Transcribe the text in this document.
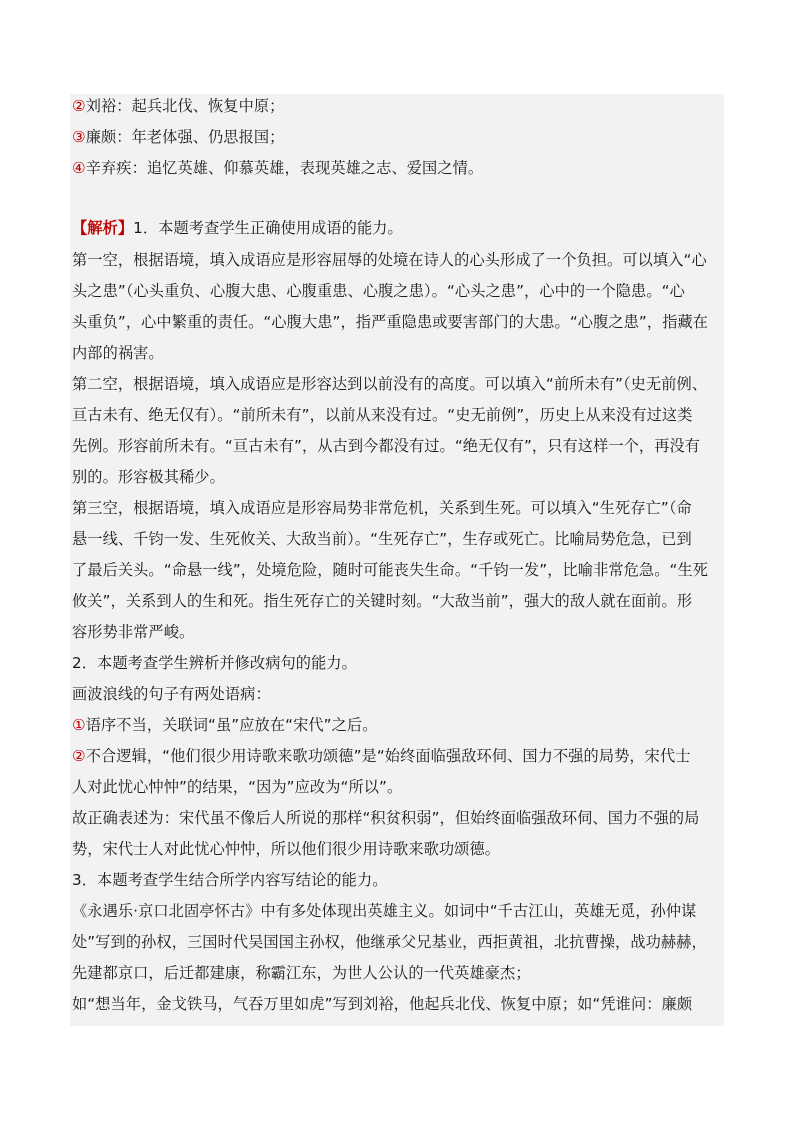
②刘裕：起兵北伐、恢复中原；
③廉颇：年老体强、仍思报国；
④辛弃疾：追忆英雄、仰慕英雄，表现英雄之志、爱国之情。
【解析】1．本题考查学生正确使用成语的能力。
第一空，根据语境，填入成语应是形容屈辱的处境在诗人的心头形成了一个负担。可以填入“心
头之患”（心头重负、心腹大患、心腹重患、心腹之患）。“心头之患”，心中的一个隐患。“心
头重负”，心中繁重的责任。“心腹大患”，指严重隐患或要害部门的大患。“心腹之患”，指藏在
内部的祸害。
第二空，根据语境，填入成语应是形容达到以前没有的高度。可以填入“前所未有”（史无前例、
亘古未有、绝无仅有）。“前所未有”，以前从来没有过。“史无前例”，历史上从来没有过这类
先例。形容前所未有。“亘古未有”，从古到今都没有过。“绝无仅有”，只有这样一个，再没有
别的。形容极其稀少。
第三空，根据语境，填入成语应是形容局势非常危机，关系到生死。可以填入“生死存亡”（命
悬一线、千钧一发、生死攸关、大敌当前）。“生死存亡”，生存或死亡。比喻局势危急，已到
了最后关头。“命悬一线”，处境危险，随时可能丧失生命。“千钧一发”，比喻非常危急。“生死
攸关”，关系到人的生和死。指生死存亡的关键时刻。“大敌当前”，强大的敌人就在面前。形
容形势非常严峻。
2．本题考查学生辨析并修改病句的能力。
画波浪线的句子有两处语病：
①语序不当，关联词“虽”应放在“宋代”之后。
②不合逻辑，“他们很少用诗歌来歌功颂德”是“始终面临强敌环伺、国力不强的局势，宋代士
人对此忧心忡忡”的结果，“因为”应改为“所以”。
故正确表述为：宋代虽不像后人所说的那样“积贫积弱”，但始终面临强敌环伺、国力不强的局
势，宋代士人对此忧心忡忡，所以他们很少用诗歌来歌功颂德。
3．本题考查学生结合所学内容写结论的能力。
《永遇乐·京口北固亭怀古》中有多处体现出英雄主义。如词中“千古江山，英雄无觅，孙仲谋
处”写到的孙权，三国时代吴国国主孙权，他继承父兄基业，西拒黄祖，北抗曹操，战功赫赫，
先建都京口，后迁都建康，称霸江东，为世人公认的一代英雄豪杰；
如“想当年，金戈铁马，气吞万里如虎”写到刘裕，他起兵北伐、恢复中原；如“凭谁问：廉颇
